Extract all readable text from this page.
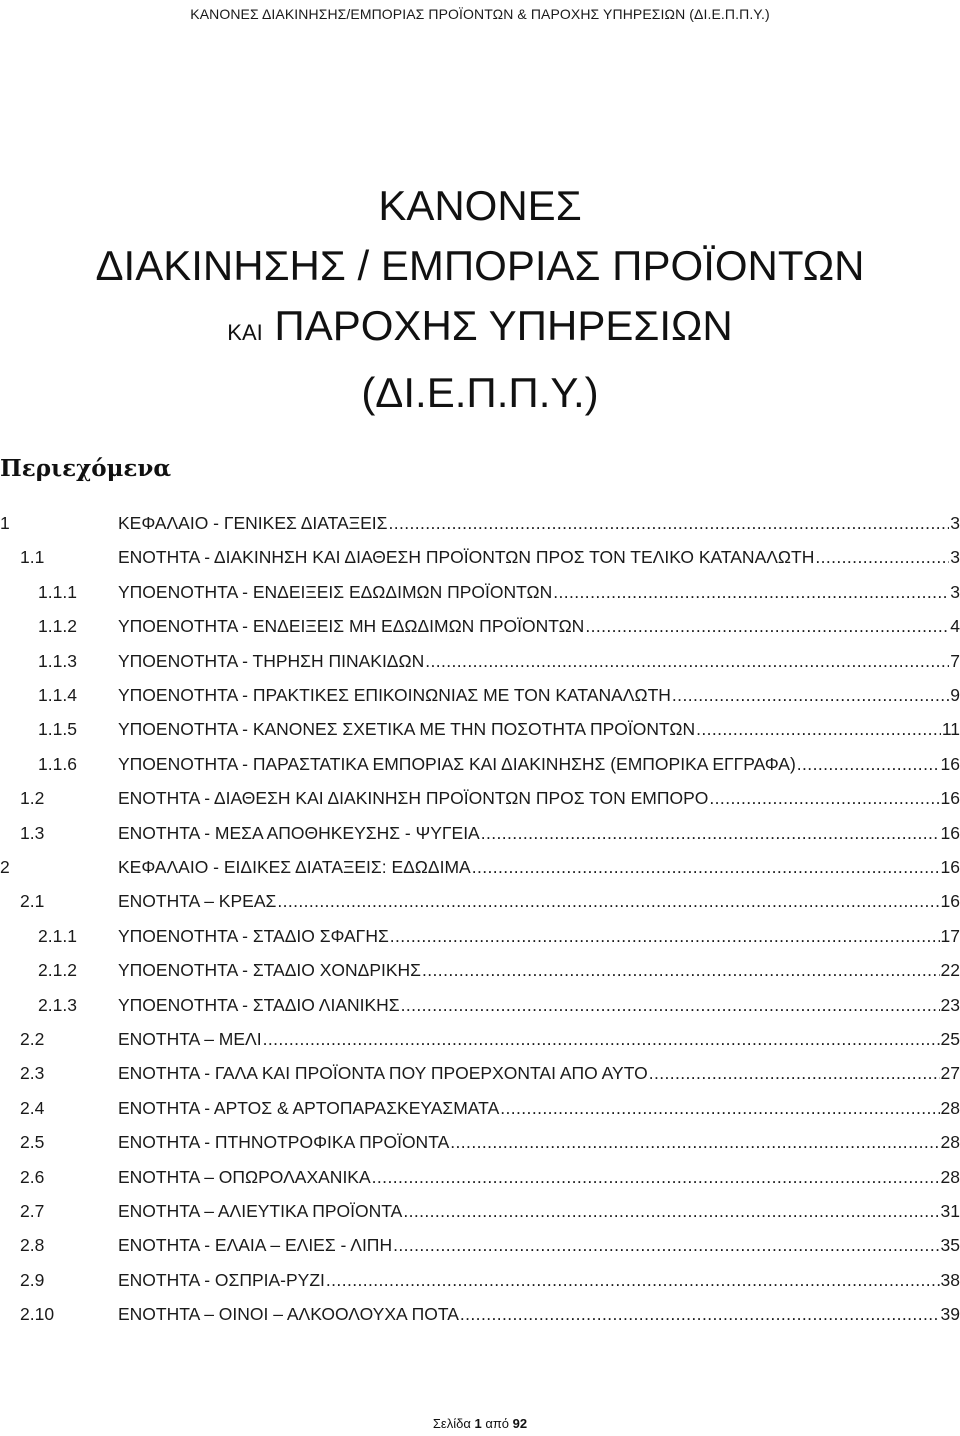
ΚΑΝΟΝΕΣ ΔΙΑΚΙΝΗΣΗΣ/ΕΜΠΟΡΙΑΣ ΠΡΟΪΟΝΤΩΝ & ΠΑΡΟΧΗΣ ΥΠΗΡΕΣΙΩΝ (ΔΙ.Ε.Π.Π.Υ.)
ΚΑΝΟΝΕΣ
ΔΙΑΚΙΝΗΣΗΣ / ΕΜΠΟΡΙΑΣ ΠΡΟΪΟΝΤΩΝ
ΚΑΙ ΠΑΡΟΧΗΣ ΥΠΗΡΕΣΙΩΝ
(ΔΙ.Ε.Π.Π.Υ.)
Περιεχόμενα
1	ΚΕΦΑΛΑΙΟ - ΓΕΝΙΚΕΣ ΔΙΑΤΑΞΕΙΣ .....	3
1.1	ΕΝΟΤΗΤΑ - ΔΙΑΚΙΝΗΣΗ ΚΑΙ ΔΙΑΘΕΣΗ ΠΡΟΪΟΝΤΩΝ ΠΡΟΣ ΤΟΝ ΤΕΛΙΚΟ ΚΑΤΑΝΑΛΩΤΗ .....	3
1.1.1 ΥΠΟΕΝΟΤΗΤΑ - ΕΝΔΕΙΞΕΙΣ ΕΔΩΔΙΜΩΝ ΠΡΟΪΟΝΤΩΝ .....	3
1.1.2 ΥΠΟΕΝΟΤΗΤΑ - ΕΝΔΕΙΞΕΙΣ ΜΗ ΕΔΩΔΙΜΩΝ ΠΡΟΪΟΝΤΩΝ .....	4
1.1.3 ΥΠΟΕΝΟΤΗΤΑ - ΤΗΡΗΣΗ ΠΙΝΑΚΙΔΩΝ .....	7
1.1.4 ΥΠΟΕΝΟΤΗΤΑ - ΠΡΑΚΤΙΚΕΣ ΕΠΙΚΟΙΝΩΝΙΑΣ ΜΕ ΤΟΝ ΚΑΤΑΝΑΛΩΤΗ .....	9
1.1.5 ΥΠΟΕΝΟΤΗΤΑ - ΚΑΝΟΝΕΣ ΣΧΕΤΙΚΑ ΜΕ ΤΗΝ ΠΟΣΟΤΗΤΑ ΠΡΟΪΟΝΤΩΝ .....	11
1.1.6 ΥΠΟΕΝΟΤΗΤΑ - ΠΑΡΑΣΤΑΤΙΚΑ ΕΜΠΟΡΙΑΣ ΚΑΙ ΔΙΑΚΙΝΗΣΗΣ (ΕΜΠΟΡΙΚΑ ΕΓΓΡΑΦΑ) .....	16
1.2	ΕΝΟΤΗΤΑ - ΔΙΑΘΕΣΗ ΚΑΙ ΔΙΑΚΙΝΗΣΗ ΠΡΟΪΟΝΤΩΝ ΠΡΟΣ ΤΟΝ ΕΜΠΟΡΟ .....	16
1.3	ΕΝΟΤΗΤΑ - ΜΕΣΑ ΑΠΟΘΗΚΕΥΣΗΣ - ΨΥΓΕΙΑ .....	16
2	ΚΕΦΑΛΑΙΟ - ΕΙΔΙΚΕΣ ΔΙΑΤΑΞΕΙΣ: ΕΔΩΔΙΜΑ .....	16
2.1	ΕΝΟΤΗΤΑ – ΚΡΕΑΣ .....	16
2.1.1 ΥΠΟΕΝΟΤΗΤΑ - ΣΤΑΔΙΟ ΣΦΑΓΗΣ .....	17
2.1.2 ΥΠΟΕΝΟΤΗΤΑ - ΣΤΑΔΙΟ ΧΟΝΔΡΙΚΗΣ .....	22
2.1.3 ΥΠΟΕΝΟΤΗΤΑ - ΣΤΑΔΙΟ ΛΙΑΝΙΚΗΣ .....	23
2.2	ΕΝΟΤΗΤΑ – ΜΕΛΙ .....	25
2.3	ΕΝΟΤΗΤΑ - ΓΑΛΑ ΚΑΙ ΠΡΟΪΟΝΤΑ ΠΟΥ ΠΡΟΕΡΧΟΝΤΑΙ ΑΠΟ ΑΥΤΟ .....	27
2.4	ΕΝΟΤΗΤΑ - ΑΡΤΟΣ & ΑΡΤΟΠΑΡΑΣΚΕΥΑΣΜΑΤΑ .....	28
2.5	ΕΝΟΤΗΤΑ - ΠΤΗΝΟΤΡΟΦΙΚΑ ΠΡΟΪΟΝΤΑ .....	28
2.6	ΕΝΟΤΗΤΑ – ΟΠΩΡΟΛΑΧΑΝΙΚΑ .....	28
2.7	ΕΝΟΤΗΤΑ – ΑΛΙΕΥΤΙΚΑ ΠΡΟΪΟΝΤΑ .....	31
2.8	ΕΝΟΤΗΤΑ - ΕΛΑΙΑ – ΕΛΙΕΣ - ΛΙΠΗ .....	35
2.9	ΕΝΟΤΗΤΑ - ΟΣΠΡΙΑ-ΡΥΖΙ .....	38
2.10	ΕΝΟΤΗΤΑ – ΟΙΝΟΙ – ΑΛΚΟΟΛΟΥΧΑ ΠΟΤΑ .....	39
Σελίδα 1 από 92
